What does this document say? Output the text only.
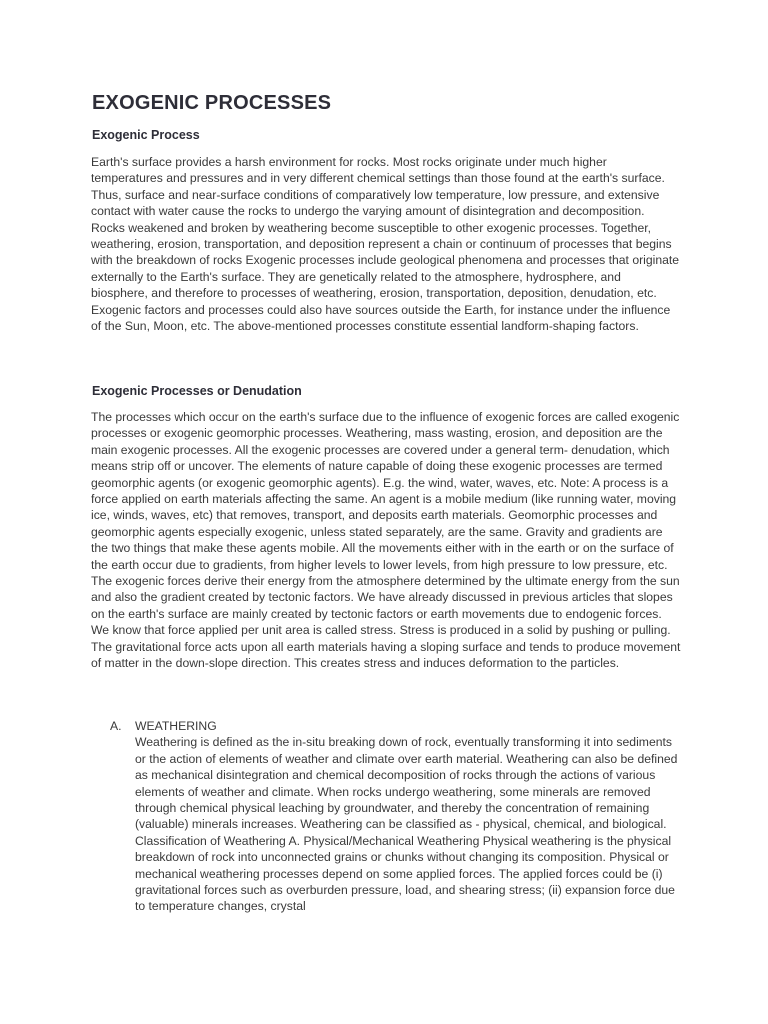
EXOGENIC PROCESSES
Exogenic Process

Earth's surface provides a harsh environment for rocks. Most rocks originate under much higher temperatures and pressures and in very different chemical settings than those found at the earth's surface. Thus, surface and near-surface conditions of comparatively low temperature, low pressure, and extensive contact with water cause the rocks to undergo the varying amount of disintegration and decomposition. Rocks weakened and broken by weathering become susceptible to other exogenic processes. Together, weathering, erosion, transportation, and deposition represent a chain or continuum of processes that begins with the breakdown of rocks Exogenic processes include geological phenomena and processes that originate externally to the Earth's surface. They are genetically related to the atmosphere, hydrosphere, and biosphere, and therefore to processes of weathering, erosion, transportation, deposition, denudation, etc. Exogenic factors and processes could also have sources outside the Earth, for instance under the influence of the Sun, Moon, etc. The above-mentioned processes constitute essential landform-shaping factors.

Exogenic Processes or Denudation

The processes which occur on the earth's surface due to the influence of exogenic forces are called exogenic processes or exogenic geomorphic processes. Weathering, mass wasting, erosion, and deposition are the main exogenic processes. All the exogenic processes are covered under a general term- denudation, which means strip off or uncover. The elements of nature capable of doing these exogenic processes are termed geomorphic agents (or exogenic geomorphic agents). E.g. the wind, water, waves, etc. Note: A process is a force applied on earth materials affecting the same. An agent is a mobile medium (like running water, moving ice, winds, waves, etc) that removes, transport, and deposits earth materials. Geomorphic processes and geomorphic agents especially exogenic, unless stated separately, are the same. Gravity and gradients are the two things that make these agents mobile. All the movements either with in the earth or on the surface of the earth occur due to gradients, from higher levels to lower levels, from high pressure to low pressure, etc. The exogenic forces derive their energy from the atmosphere determined by the ultimate energy from the sun and also the gradient created by tectonic factors. We have already discussed in previous articles that slopes on the earth's surface are mainly created by tectonic factors or earth movements due to endogenic forces. We know that force applied per unit area is called stress. Stress is produced in a solid by pushing or pulling. The gravitational force acts upon all earth materials having a sloping surface and tends to produce movement of matter in the down-slope direction. This creates stress and induces deformation to the particles.

A.	WEATHERING
Weathering is defined as the in-situ breaking down of rock, eventually transforming it into sediments or the action of elements of weather and climate over earth material. Weathering can also be defined as mechanical disintegration and chemical decomposition of rocks through the actions of various elements of weather and climate. When rocks undergo weathering, some minerals are removed through chemical physical leaching by groundwater, and thereby the concentration of remaining (valuable) minerals increases. Weathering can be classified as - physical, chemical, and biological. Classification of Weathering A. Physical/Mechanical Weathering Physical weathering is the physical breakdown of rock into unconnected grains or chunks without changing its composition. Physical or mechanical weathering processes depend on some applied forces. The applied forces could be (i) gravitational forces such as overburden pressure, load, and shearing stress; (ii) expansion force due to temperature changes, crystal
